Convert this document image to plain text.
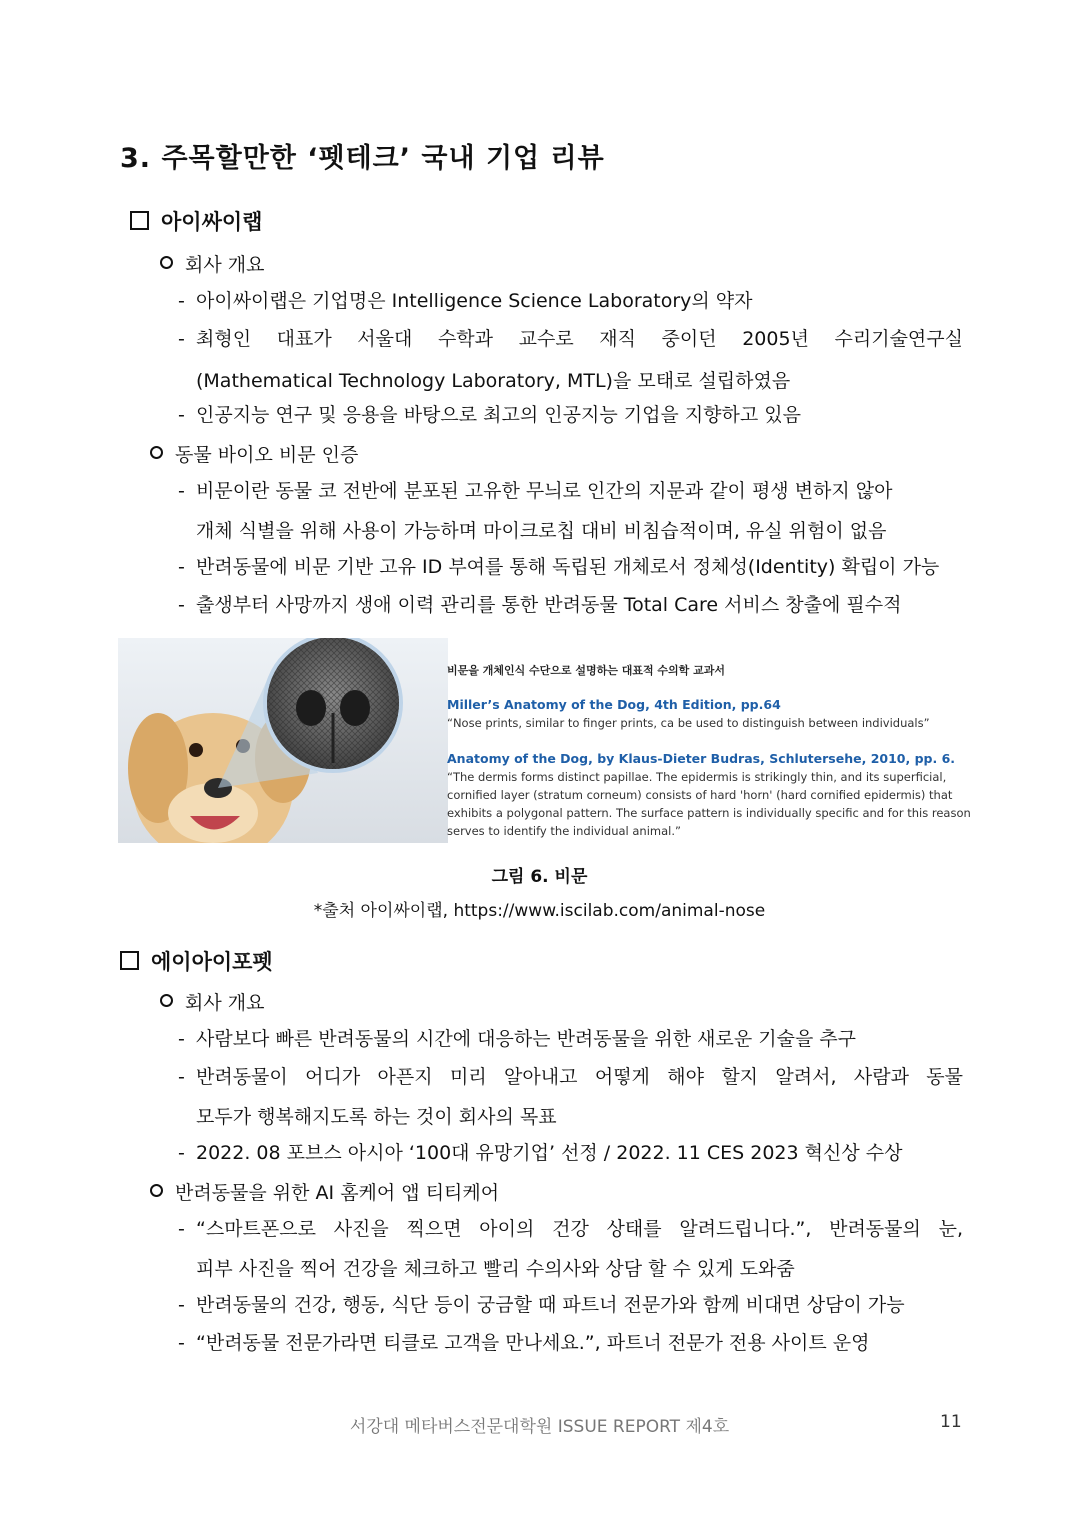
3. 주목할만한 ‘펫테크’ 국내 기업 리뷰
아이싸이랩
회사 개요
- 아이싸이랩은 기업명은 Intelligence Science Laboratory의 약자
- 최형인 대표가 서울대 수학과 교수로 재직 중이던 2005년 수리기술연구실
(Mathematical Technology Laboratory, MTL)을 모태로 설립하였음
- 인공지능 연구 및 응용을 바탕으로 최고의 인공지능 기업을 지향하고 있음
동물 바이오 비문 인증
- 비문이란 동물 코 전반에 분포된 고유한 무늬로 인간의 지문과 같이 평생 변하지 않아
개체 식별을 위해 사용이 가능하며 마이크로칩 대비 비침습적이며, 유실 위험이 없음
- 반려동물에 비문 기반 고유 ID 부여를 통해 독립된 개체로서 정체성(Identity) 확립이 가능
- 출생부터 사망까지 생애 이력 관리를 통한 반려동물 Total Care 서비스 창출에 필수적
비문을 개체인식 수단으로 설명하는 대표적 수의학 교과서
Miller’s Anatomy of the Dog, 4th Edition, pp.64
“Nose prints, similar to finger prints, ca be used to distinguish between individuals”
Anatomy of the Dog, by Klaus-Dieter Budras, Schlutersehe, 2010, pp. 6.
“The dermis forms distinct papillae. The epidermis is strikingly thin, and its superficial,
cornified layer (stratum corneum) consists of hard 'horn' (hard cornified epidermis) that
exhibits a polygonal pattern. The surface pattern is individually specific and for this reason
serves to identify the individual animal.”
그림 6. 비문
*출처 아이싸이랩, https://www.iscilab.com/animal-nose
에이아이포펫
회사 개요
- 사람보다 빠른 반려동물의 시간에 대응하는 반려동물을 위한 새로운 기술을 추구
- 반려동물이 어디가 아픈지 미리 알아내고 어떻게 해야 할지 알려서, 사람과 동물
모두가 행복해지도록 하는 것이 회사의 목표
- 2022. 08 포브스 아시아 ‘100대 유망기업’ 선정 / 2022. 11 CES 2023 혁신상 수상
반려동물을 위한 AI 홈케어 앱 티티케어
- “스마트폰으로 사진을 찍으면 아이의 건강 상태를 알려드립니다.”, 반려동물의 눈,
피부 사진을 찍어 건강을 체크하고 빨리 수의사와 상담 할 수 있게 도와줌
- 반려동물의 건강, 행동, 식단 등이 궁금할 때 파트너 전문가와 함께 비대면 상담이 가능
- “반려동물 전문가라면 티클로 고객을 만나세요.”, 파트너 전문가 전용 사이트 운영
서강대 메타버스전문대학원 ISSUE REPORT 제4호	11
